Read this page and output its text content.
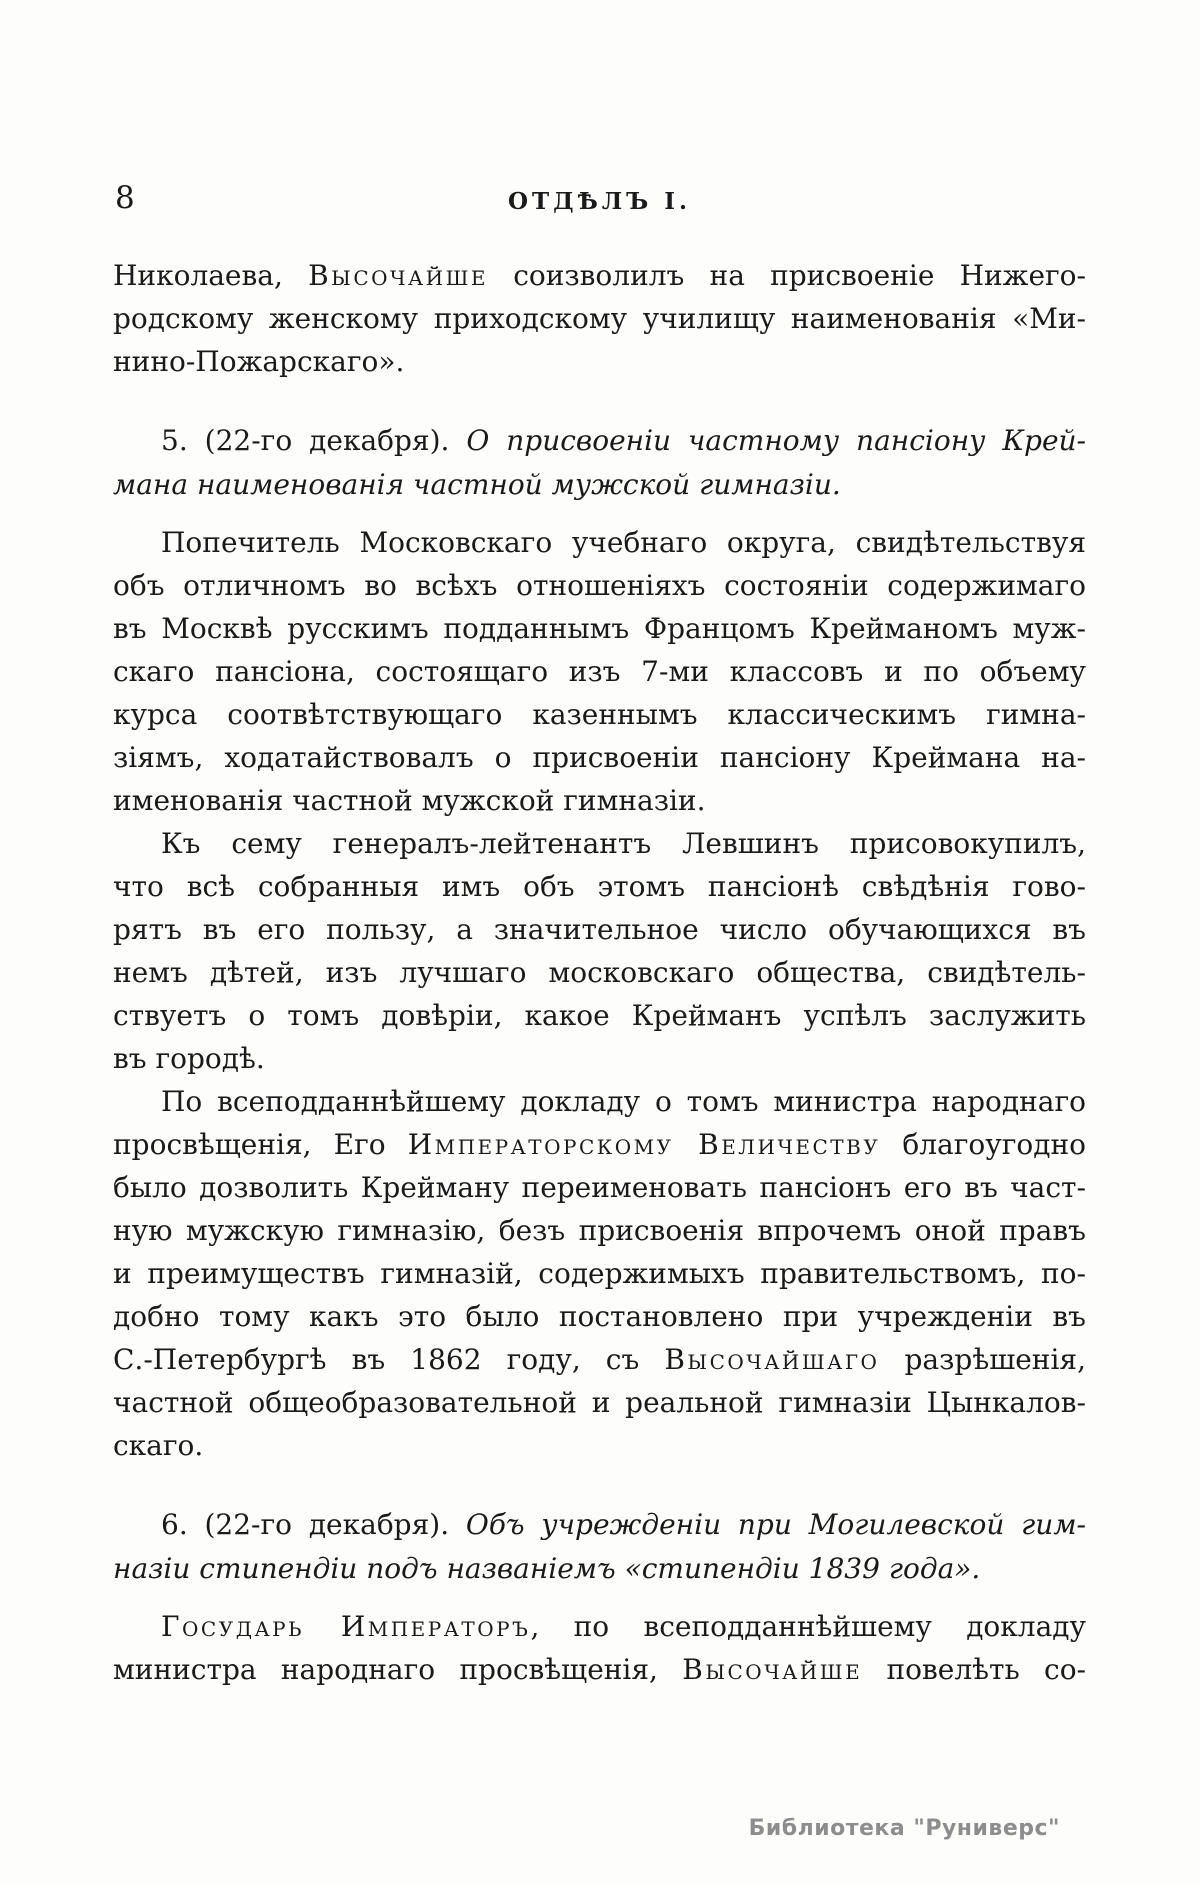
8	ОТДѢЛЪ I.
Николаева, Высочайше соизволилъ на присвоеніе Нижего-
родскому женскому приходскому училищу наименованія «Ми-
нино-Пожарскаго».
5. (22-го декабря). О присвоеніи частному пансіону Крей-
мана наименованія частной мужской гимназіи.
Попечитель Московскаго учебнаго округа, свидѣтельствуя
объ отличномъ во всѣхъ отношеніяхъ состояніи содержимаго
въ Москвѣ русскимъ подданнымъ Францомъ Крейманомъ муж-
скаго пансіона, состоящаго изъ 7-ми классовъ и по объему
курса соотвѣтствующаго казеннымъ классическимъ гимна-
зіямъ, ходатайствовалъ о присвоеніи пансіону Креймана на-
именованія частной мужской гимназіи.
Къ сему генералъ-лейтенантъ Левшинъ присовокупилъ,
что всѣ собранныя имъ объ этомъ пансіонѣ свѣдѣнія гово-
рятъ въ его пользу, а значительное число обучающихся въ
немъ дѣтей, изъ лучшаго московскаго общества, свидѣтель-
ствуетъ о томъ довѣріи, какое Крейманъ успѣлъ заслужить
въ городѣ.
По всеподданнѣйшему докладу о томъ министра народнаго
просвѣщенія, Его Императорскому Величеству благоугодно
было дозволить Крейману переименовать пансіонъ его въ част-
ную мужскую гимназію, безъ присвоенія впрочемъ оной правъ
и преимуществъ гимназій, содержимыхъ правительствомъ, по-
добно тому какъ это было постановлено при учрежденіи въ
С.-Петербургѣ въ 1862 году, съ Высочайшаго разрѣшенія,
частной общеобразовательной и реальной гимназіи Цынкалов-
скаго.
6. (22-го декабря). Объ учрежденіи при Могилевской гим-
назіи стипендіи подъ названіемъ «стипендіи 1839 года».
Государь Императоръ, по всеподданнѣйшему докладу
министра народнаго просвѣщенія, Высочайше повелѣть со-
Библиотека "Руниверс"
